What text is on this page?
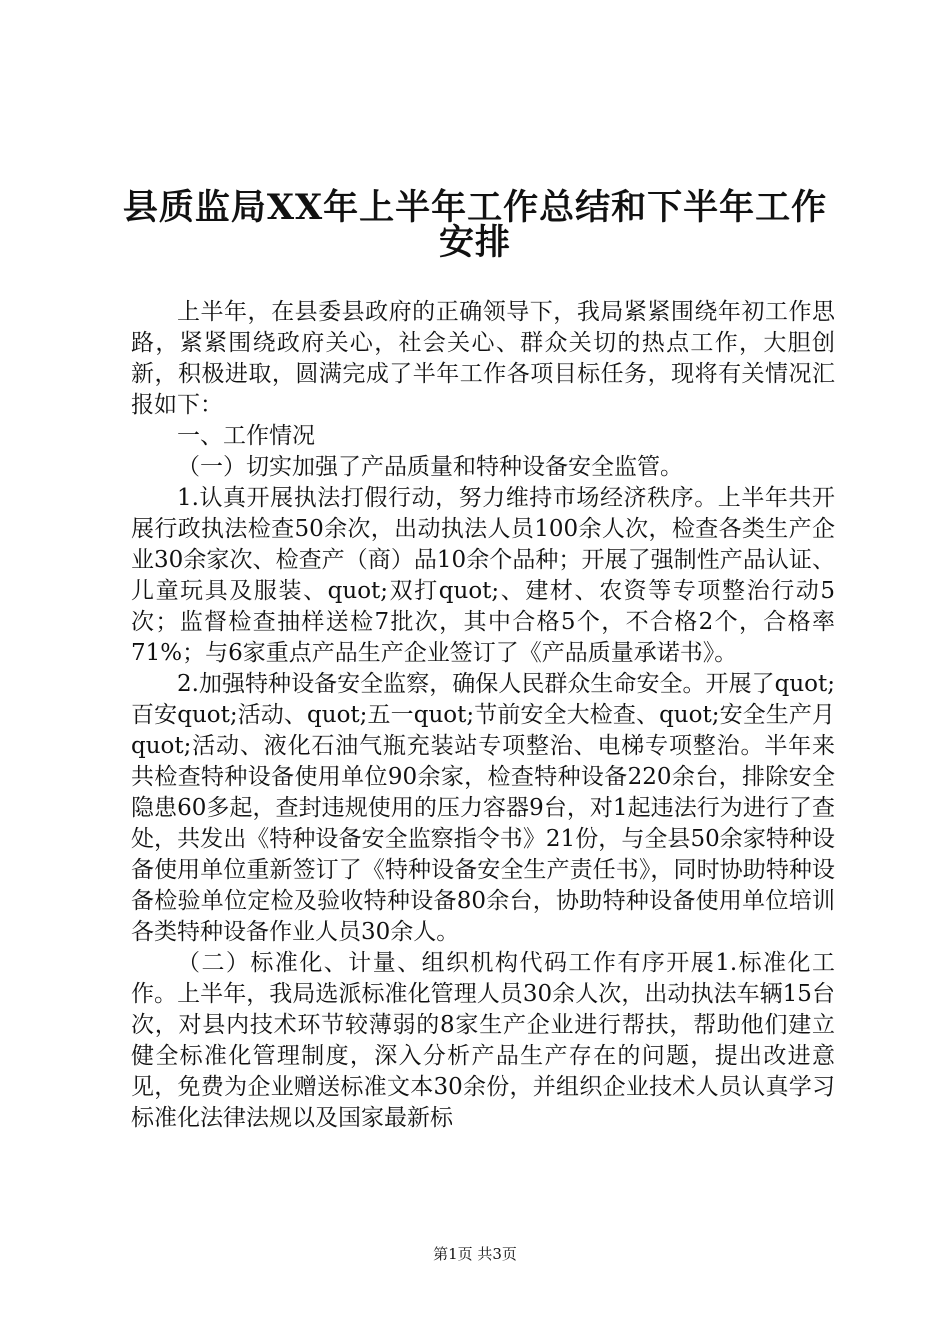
县质监局XX年上半年工作总结和下半年工作
安排

上半年，在县委县政府的正确领导下，我局紧紧围绕年初工作思路，紧紧围绕政府关心，社会关心、群众关切的热点工作，大胆创新，积极进取，圆满完成了半年工作各项目标任务，现将有关情况汇报如下：

一、工作情况

（一）切实加强了产品质量和特种设备安全监管。

1.认真开展执法打假行动，努力维持市场经济秩序。上半年共开展行政执法检查50余次，出动执法人员100余人次，检查各类生产企业30余家次、检查产（商）品10余个品种；开展了强制性产品认证、儿童玩具及服装、quot;双打quot;、建材、农资等专项整治行动5次；监督检查抽样送检7批次，其中合格5个，不合格2个，合格率71%；与6家重点产品生产企业签订了《产品质量承诺书》。

2.加强特种设备安全监察，确保人民群众生命安全。开展了quot;百安quot;活动、quot;五一quot;节前安全大检查、quot;安全生产月quot;活动、液化石油气瓶充装站专项整治、电梯专项整治。半年来共检查特种设备使用单位90余家，检查特种设备220余台，排除安全隐患60多起，查封违规使用的压力容器9台，对1起违法行为进行了查处，共发出《特种设备安全监察指令书》21份，与全县50余家特种设备使用单位重新签订了《特种设备安全生产责任书》，同时协助特种设备检验单位定检及验收特种设备80余台，协助特种设备使用单位培训各类特种设备作业人员30余人。

（二）标准化、计量、组织机构代码工作有序开展1.标准化工作。上半年，我局选派标准化管理人员30余人次，出动执法车辆15台次，对县内技术环节较薄弱的8家生产企业进行帮扶，帮助他们建立健全标准化管理制度，深入分析产品生产存在的问题，提出改进意见，免费为企业赠送标准文本30余份，并组织企业技术人员认真学习标准化法律法规以及国家最新标

第1页 共3页
